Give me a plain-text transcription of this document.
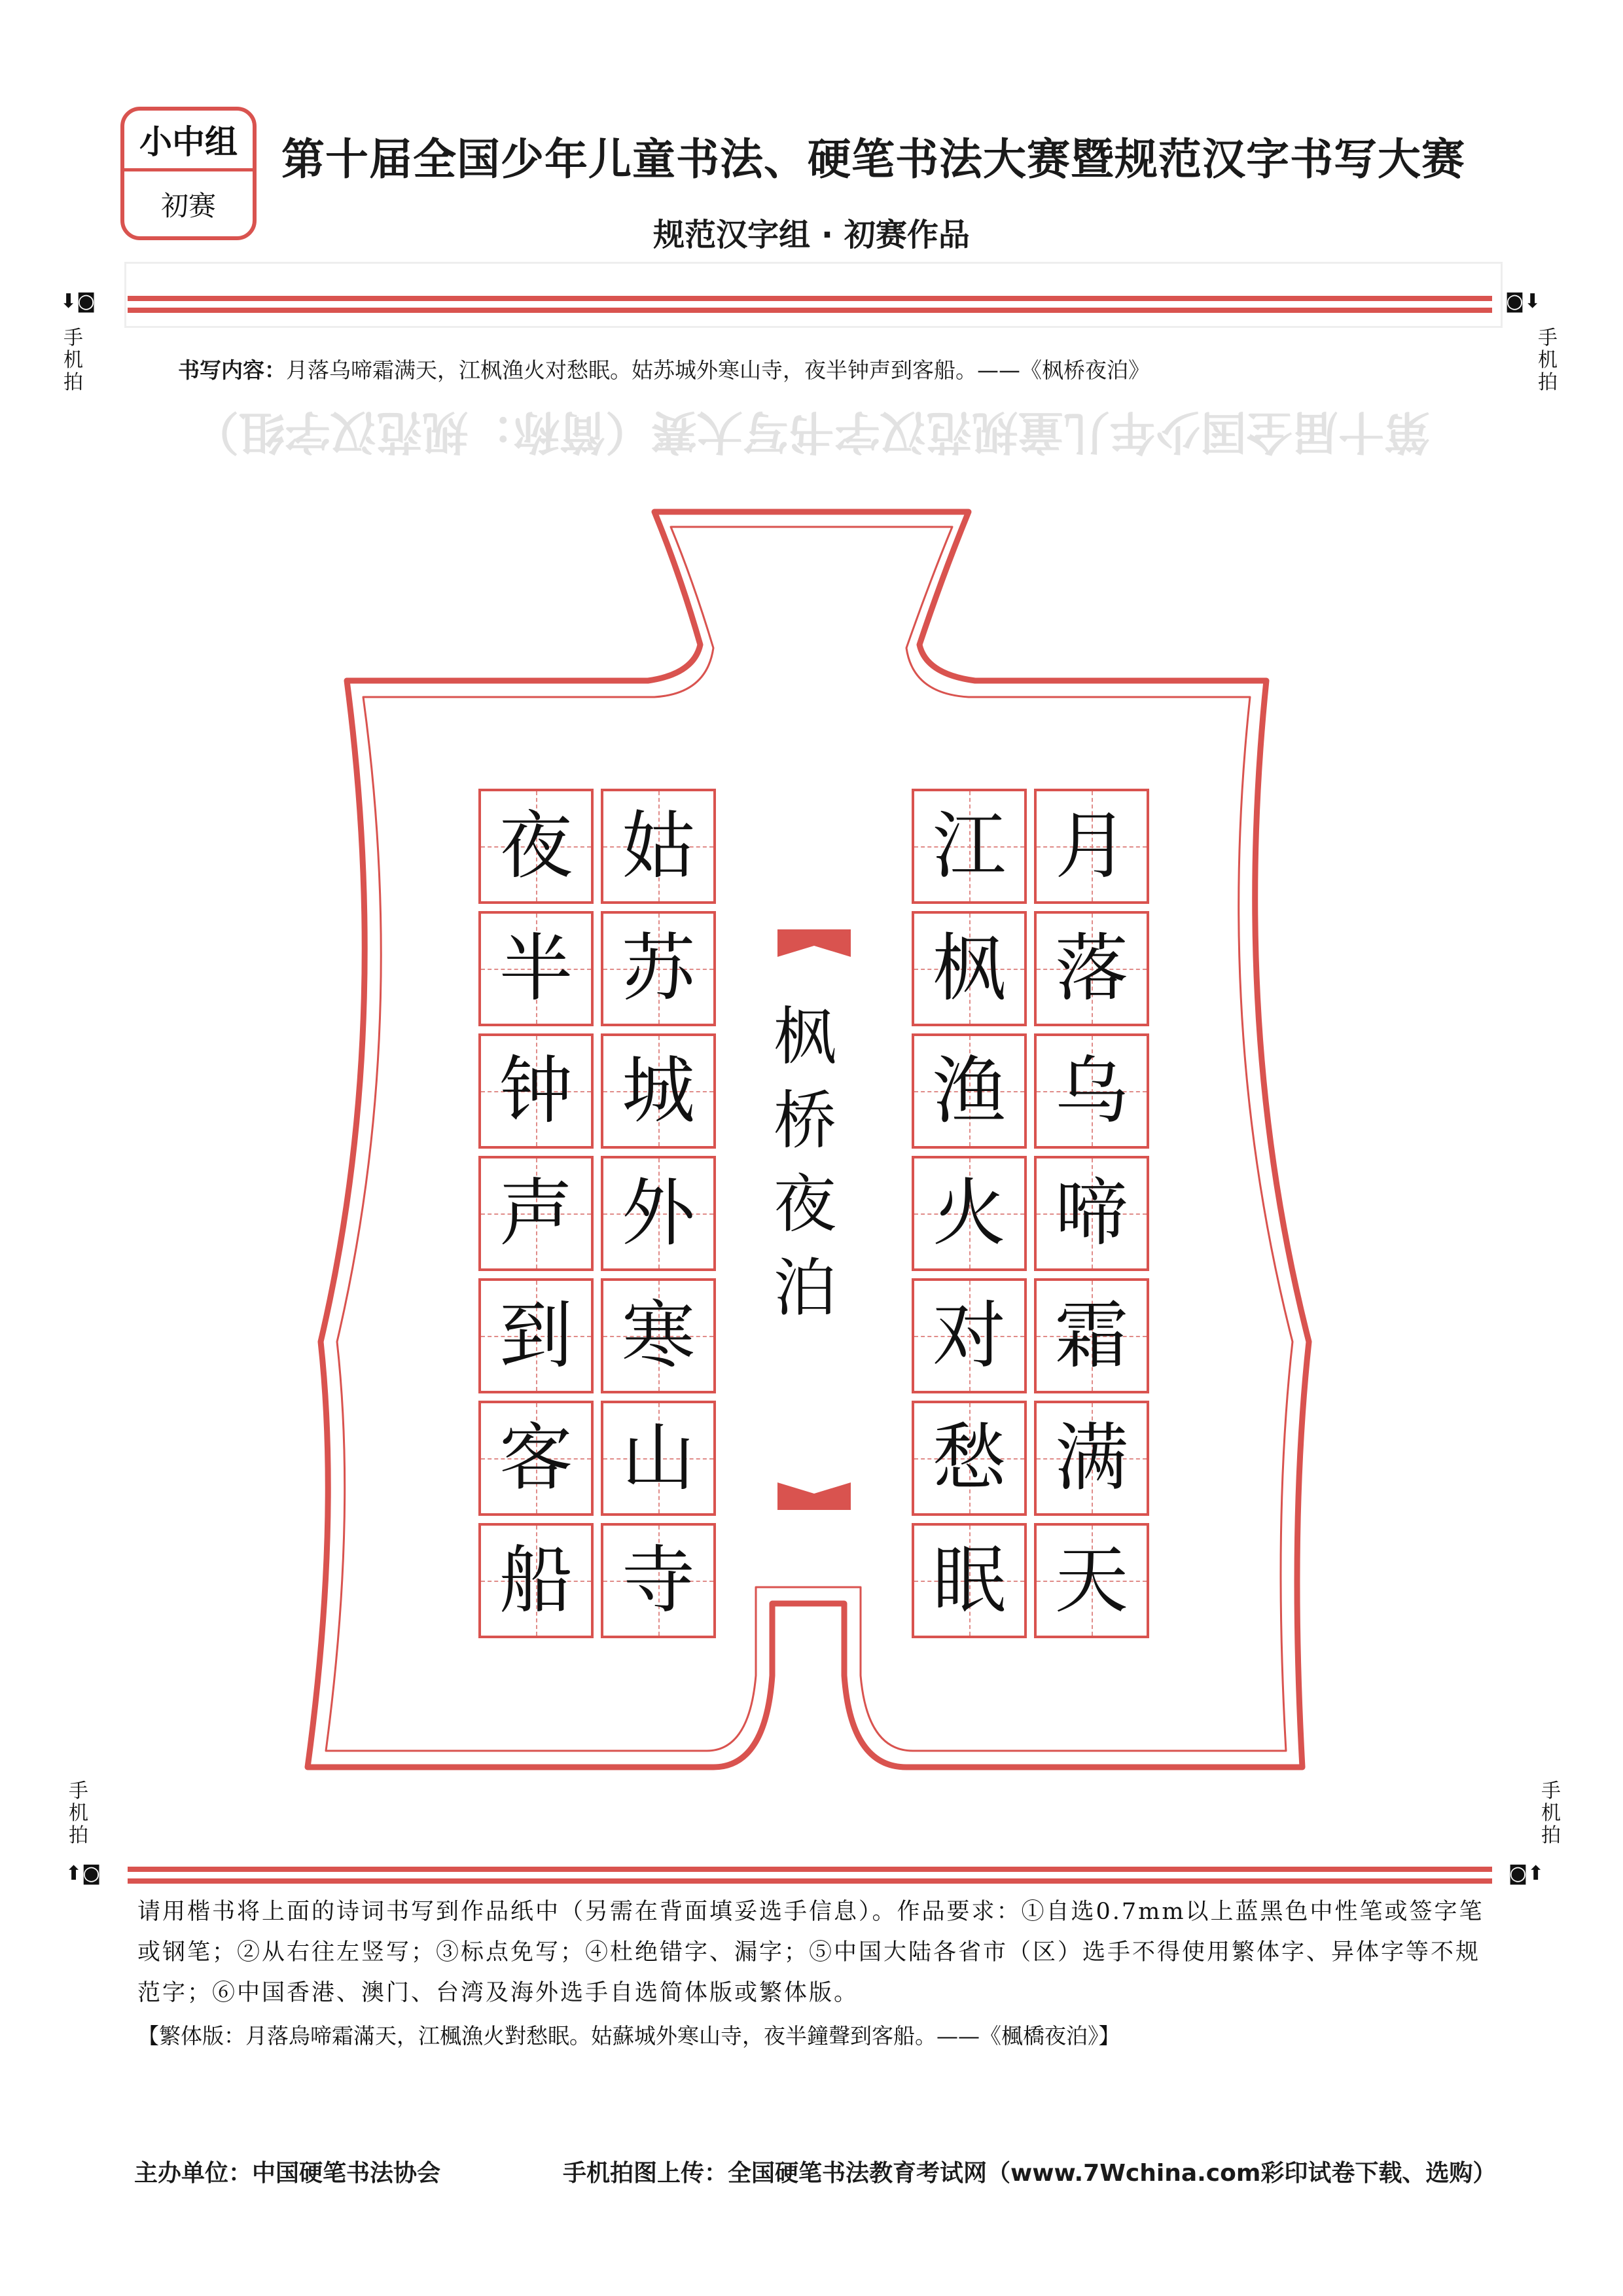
小中组
初赛
第十届全国少年儿童书法、硬笔书法大赛暨规范汉字书写大赛
规范汉字组 · 初赛作品
第十届全国少年儿童规范汉字书写大赛（简称：规范汉字组）
⬇◙	◙⬇
手机拍
手机拍
手机拍
手机拍
⬆◙	◙⬆
书写内容：月落乌啼霜满天，江枫渔火对愁眠。姑苏城外寒山寺，夜半钟声到客船。——《枫桥夜泊》
枫
桥
夜
泊
月
落
乌
啼
霜
满
天
江
枫
渔
火
对
愁
眠
姑
苏
城
外
寒
山
寺
夜
半
钟
声
到
客
船
请用楷书将上面的诗词书写到作品纸中（另需在背面填妥选手信息）。作品要求：①自选0.7mm以上蓝黑色中性笔或签字笔或钢笔；②从右往左竖写；③标点免写；④杜绝错字、漏字；⑤中国大陆各省市（区）选手不得使用繁体字、异体字等不规范字；⑥中国香港、澳门、台湾及海外选手自选简体版或繁体版。
【繁体版：月落烏啼霜滿天，江楓漁火對愁眠。姑蘇城外寒山寺，夜半鐘聲到客船。——《楓橋夜泊》】
主办单位：中国硬笔书法协会	手机拍图上传：全国硬笔书法教育考试网（www.7Wchina.com彩印试卷下载、选购）
